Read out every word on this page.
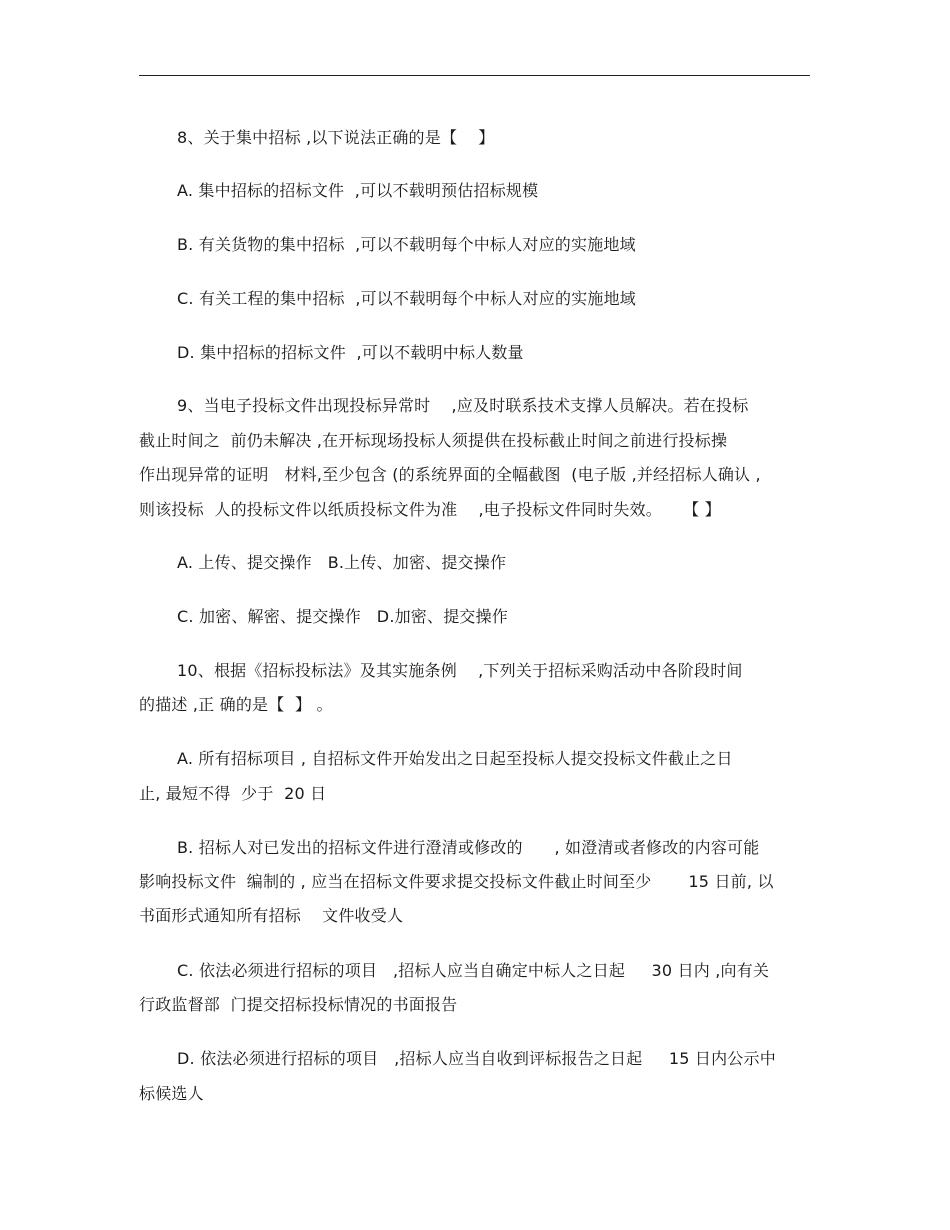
8、关于集中招标 ,以下说法正确的是【    】
A. 集中招标的招标文件  ,可以不载明预估招标规模
B. 有关货物的集中招标  ,可以不载明每个中标人对应的实施地域
C. 有关工程的集中招标  ,可以不载明每个中标人对应的实施地域
D. 集中招标的招标文件  ,可以不载明中标人数量
9、当电子投标文件出现投标异常时    ,应及时联系技术支撑人员解决。若在投标
截止时间之  前仍未解决 ,在开标现场投标人须提供在投标截止时间之前进行投标操
作出现异常的证明   材料,至少包含 (的系统界面的全幅截图  (电子版 ,并经招标人确认 ,
则该投标  人的投标文件以纸质投标文件为准    ,电子投标文件同时失效。    【 】
A. 上传、提交操作   B.上传、加密、提交操作
C. 加密、解密、提交操作   D.加密、提交操作
10、根据《招标投标法》及其实施条例    ,下列关于招标采购活动中各阶段时间
的描述 ,正 确的是【  】 。
A. 所有招标项目 , 自招标文件开始发出之日起至投标人提交投标文件截止之日
止, 最短不得  少于  20 日
B. 招标人对已发出的招标文件进行澄清或修改的      , 如澄清或者修改的内容可能
影响投标文件  编制的 , 应当在招标文件要求提交投标文件截止时间至少       15 日前, 以
书面形式通知所有招标    文件收受人
C. 依法必须进行招标的项目   ,招标人应当自确定中标人之日起     30 日内 ,向有关
行政监督部  门提交招标投标情况的书面报告
D. 依法必须进行招标的项目   ,招标人应当自收到评标报告之日起     15 日内公示中
标候选人
